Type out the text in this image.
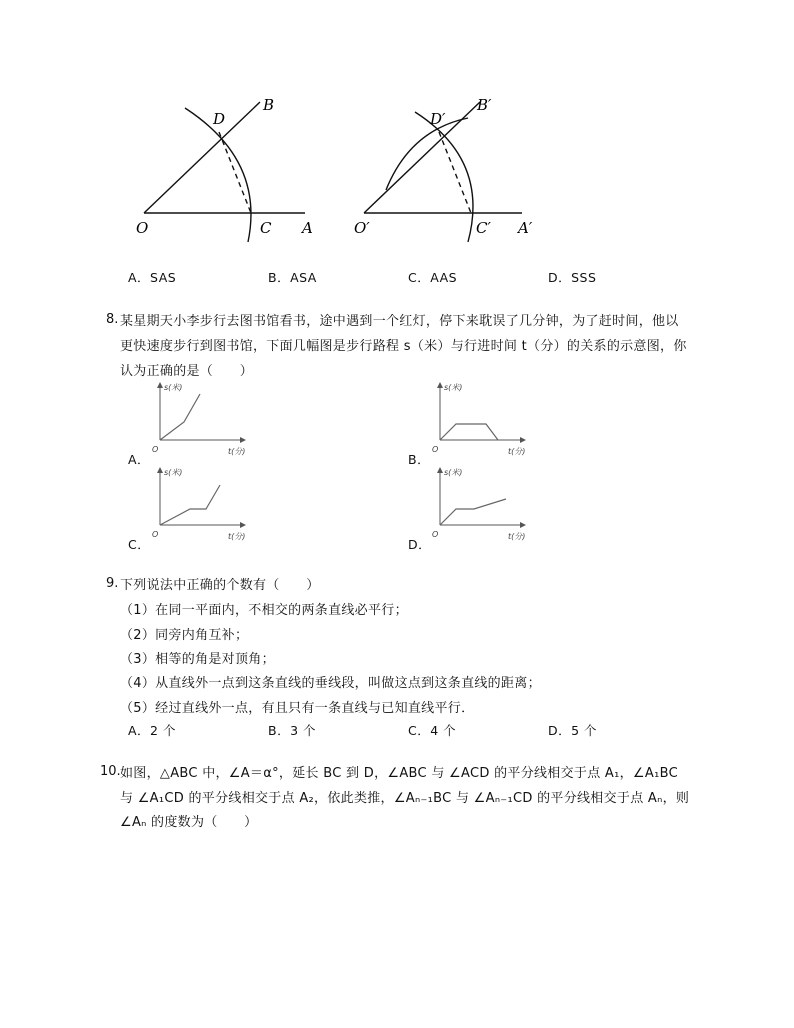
B
D
O	C A
B′
D′
O′	C′ A′
A．SAS	B．ASA	C．AAS	D．SSS
8. 某星期天小李步行去图书馆看书，途中遇到一个红灯，停下来耽误了几分钟，为了赶时间，他以
更快速度步行到图书馆，下面几幅图是步行路程 s（米）与行进时间 t（分）的关系的示意图，你
认为正确的是（　　）
A．
s(米)
t(分)
O
B．
s(米)
t(分)
O
C．
s(米)
t(分)
O
D．
s(米)
t(分)
O
9. 下列说法中正确的个数有（　　）
（1）在同一平面内，不相交的两条直线必平行；
（2）同旁内角互补；
（3）相等的角是对顶角；
（4）从直线外一点到这条直线的垂线段，叫做这点到这条直线的距离；
（5）经过直线外一点，有且只有一条直线与已知直线平行．
A．2 个	B．3 个	C．4 个	D．5 个
10. 如图，△ABC 中，∠A＝α°，延长 BC 到 D，∠ABC 与 ∠ACD 的平分线相交于点 A₁，∠A₁BC
与 ∠A₁CD 的平分线相交于点 A₂，依此类推，∠Aₙ₋₁BC 与 ∠Aₙ₋₁CD 的平分线相交于点 Aₙ，则
∠Aₙ 的度数为（　　）
